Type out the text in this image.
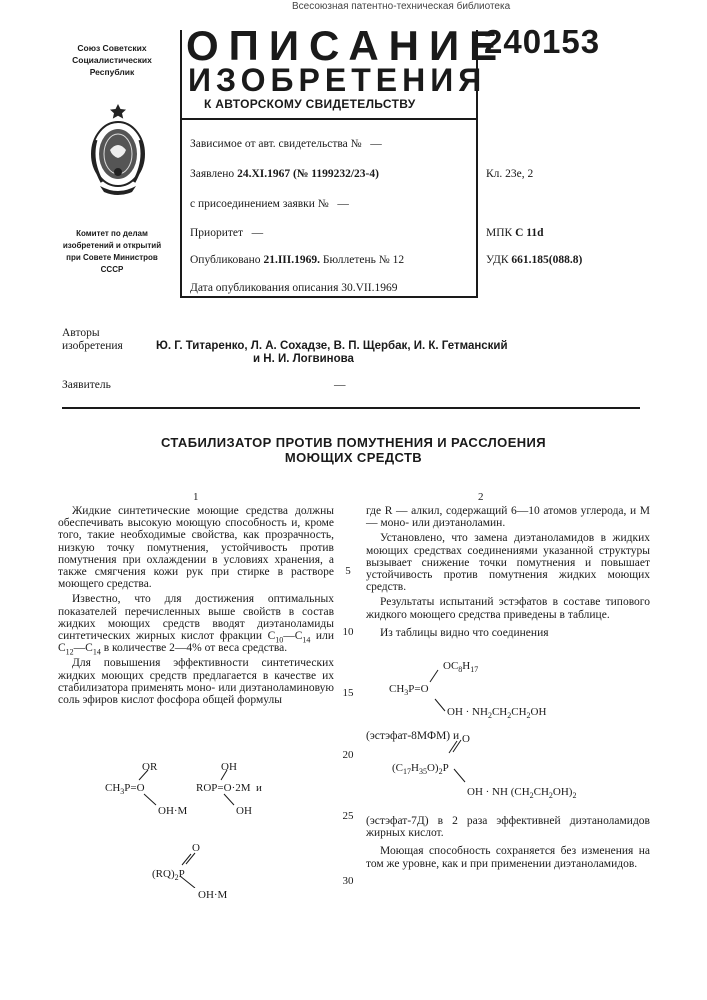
Всесоюзная патентно-техническая библиотека
Союз Советских
Социалистических
Республик
Комитет по делам
изобретений и открытий
при Совете Министров
СССР
ОПИСАНИЕ
ИЗОБРЕТЕНИЯ
К АВТОРСКОМУ СВИДЕТЕЛЬСТВУ
240153
Зависимое от авт. свидетельства № —
Заявлено 24.XI.1967 (№ 1199232/23-4)
с присоединением заявки № —
Приоритет —
Опубликовано 21.III.1969. Бюллетень № 12
Дата опубликования описания 30.VII.1969
Кл. 23е, 2
МПК С 11d
УДК 661.185(088.8)
Авторы
изобретения	Ю. Г. Титаренко, Л. А. Сохадзе, В. П. Щербак, И. К. Гетманский
и Н. И. Логвинова
Заявитель	—
СТАБИЛИЗАТОР ПРОТИВ ПОМУТНЕНИЯ И РАССЛОЕНИЯ
МОЮЩИХ СРЕДСТВ
1	2

Жидкие синтетические моющие средства должны обеспечивать высокую моющую способность и, кроме того, такие необходимые свойства, как прозрачность, низкую точку помутнения, устойчивость против помутнения при охлаждении в условиях хранения, а также смягчения кожи рук при стирке в растворе моющего средства.

Известно, что для достижения оптимальных показателей перечисленных выше свойств в состав жидких моющих средств вводят диэтаноламиды синтетических жирных кислот фракции С10—С14 или С12—С14 в количестве 2—4% от веса средства.

Для повышения эффективности синтетических жидких моющих средств предлагается в качестве их стабилизатора применять моно- или диэтаноламиновую соль эфиров кислот фосфора общей формулы

OR
CH3P=O
OH·M
OH
ROP=O·2M и
OH
O
(RQ)2P
OH·M
5
10
15
20
25
30

где R — алкил, содержащий 6—10 атомов углерода, и М — моно- или диэтаноламин.

Установлено, что замена диэтаноламидов в жидких моющих средствах соединениями указанной структуры вызывает снижение точки помутнения и повышает устойчивость против помутнения жидких моющих средств.

Результаты испытаний эстэфатов в составе типового жидкого моющего средства приведены в таблице.

Из таблицы видно что соединения

OC8H17
CH3P=O
OH · NH2CH2CH2OH

(эстэфат-8МФМ) и O
(C17H35O)2P
OH · NH (CH2CH2OH)2

(эстэфат-7Д) в 2 раза эффективней диэтаноламидов жирных кислот.

Моющая способность сохраняется без изменения на том же уровне, как и при применении диэтаноламидов.
